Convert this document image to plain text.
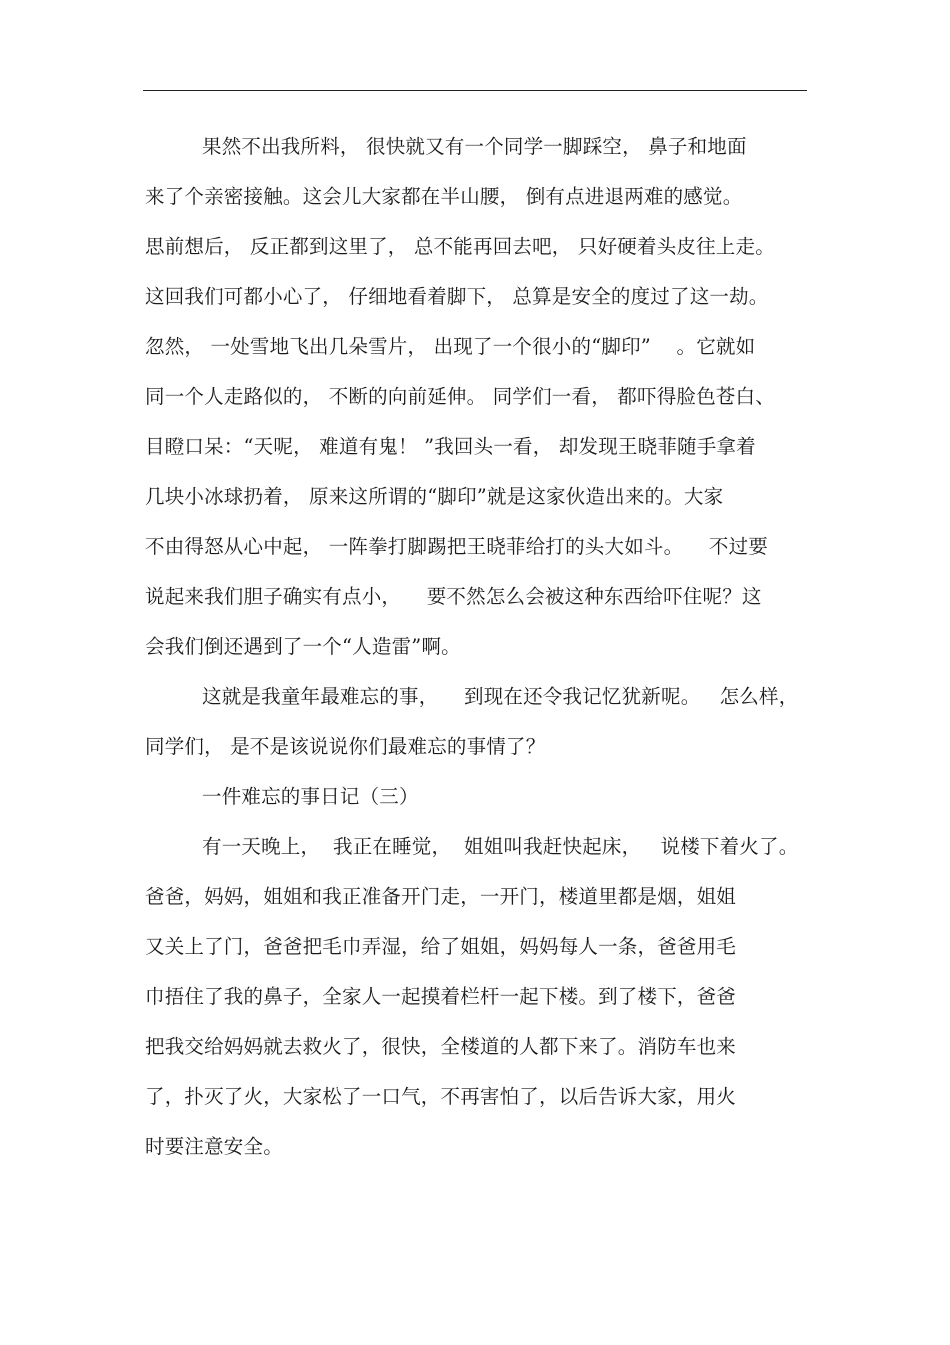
果然不出我所料， 很快就又有一个同学一脚踩空， 鼻子和地面
来了个亲密接触。这会儿大家都在半山腰， 倒有点进退两难的感觉。
思前想后， 反正都到这里了， 总不能再回去吧， 只好硬着头皮往上走。
这回我们可都小心了， 仔细地看着脚下， 总算是安全的度过了这一劫。
忽然， 一处雪地飞出几朵雪片， 出现了一个很小的“脚印”    。它就如
同一个人走路似的， 不断的向前延伸。 同学们一看， 都吓得脸色苍白、
目瞪口呆：“天呢， 难道有鬼！ ”我回头一看， 却发现王晓菲随手拿着
几块小冰球扔着， 原来这所谓的“脚印”就是这家伙造出来的。大家
不由得怒从心中起， 一阵拳打脚踢把王晓菲给打的头大如斗。    不过要
说起来我们胆子确实有点小，    要不然怎么会被这种东西给吓住呢？这
会我们倒还遇到了一个“人造雷”啊。
这就是我童年最难忘的事，    到现在还令我记忆犹新呢。   怎么样，
同学们， 是不是该说说你们最难忘的事情了？
一件难忘的事日记（三）
有一天晚上，  我正在睡觉，  姐姐叫我赶快起床，   说楼下着火了。
爸爸，妈妈，姐姐和我正准备开门走，一开门，楼道里都是烟，姐姐
又关上了门，爸爸把毛巾弄湿，给了姐姐，妈妈每人一条，爸爸用毛
巾捂住了我的鼻子，全家人一起摸着栏杆一起下楼。到了楼下，爸爸
把我交给妈妈就去救火了，很快，全楼道的人都下来了。消防车也来
了，扑灭了火，大家松了一口气，不再害怕了，以后告诉大家，用火
时要注意安全。
